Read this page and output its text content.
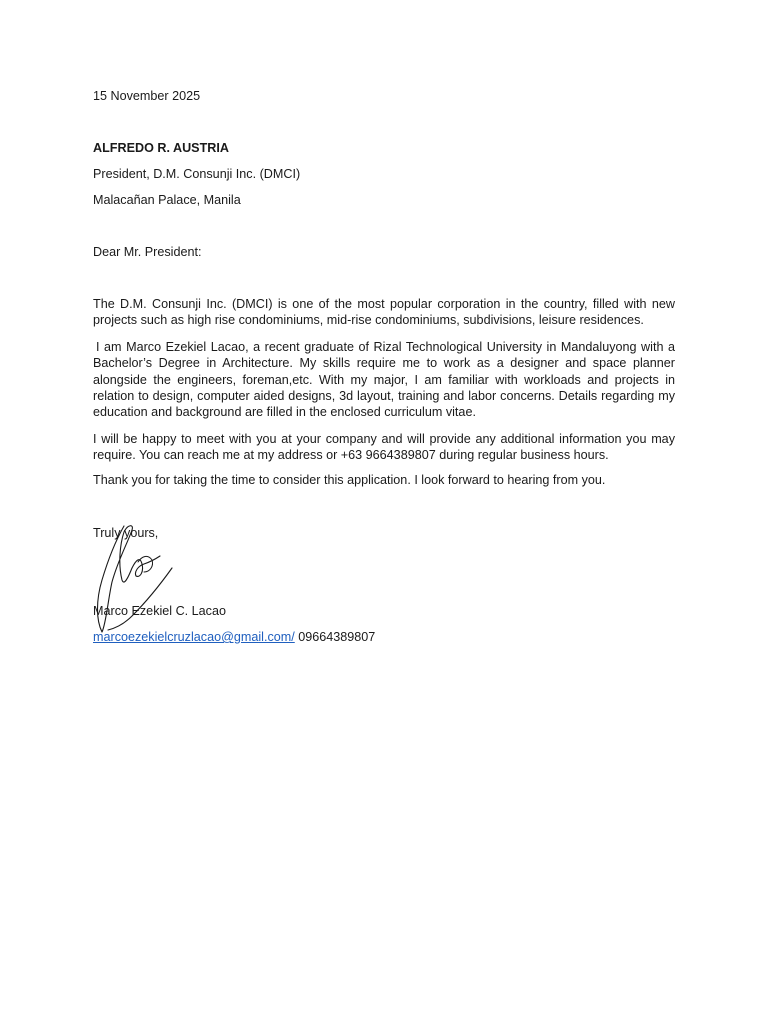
15 November 2025
ALFREDO R. AUSTRIA
President, D.M. Consunji Inc. (DMCI)
Malacañan Palace, Manila
Dear Mr. President:
The D.M. Consunji Inc. (DMCI) is one of the most popular corporation in the country, filled with new projects such as high rise condominiums, mid-rise condominiums, subdivisions, leisure residences.
I am Marco Ezekiel Lacao, a recent graduate of Rizal Technological University in Mandaluyong with a Bachelor’s Degree in Architecture. My skills require me to work as a designer and space planner alongside the engineers, foreman,etc. With my major, I am familiar with workloads and projects in relation to design, computer aided designs, 3d layout, training and labor concerns. Details regarding my education and background are filled in the enclosed curriculum vitae.
I will be happy to meet with you at your company and will provide any additional information you may require. You can reach me at my address or +63 9664389807 during regular business hours.
Thank you for taking the time to consider this application. I look forward to hearing from you.
Truly yours,
Marco Ezekiel C. Lacao
marcoezekielcruzlacao@gmail.com/ 09664389807
